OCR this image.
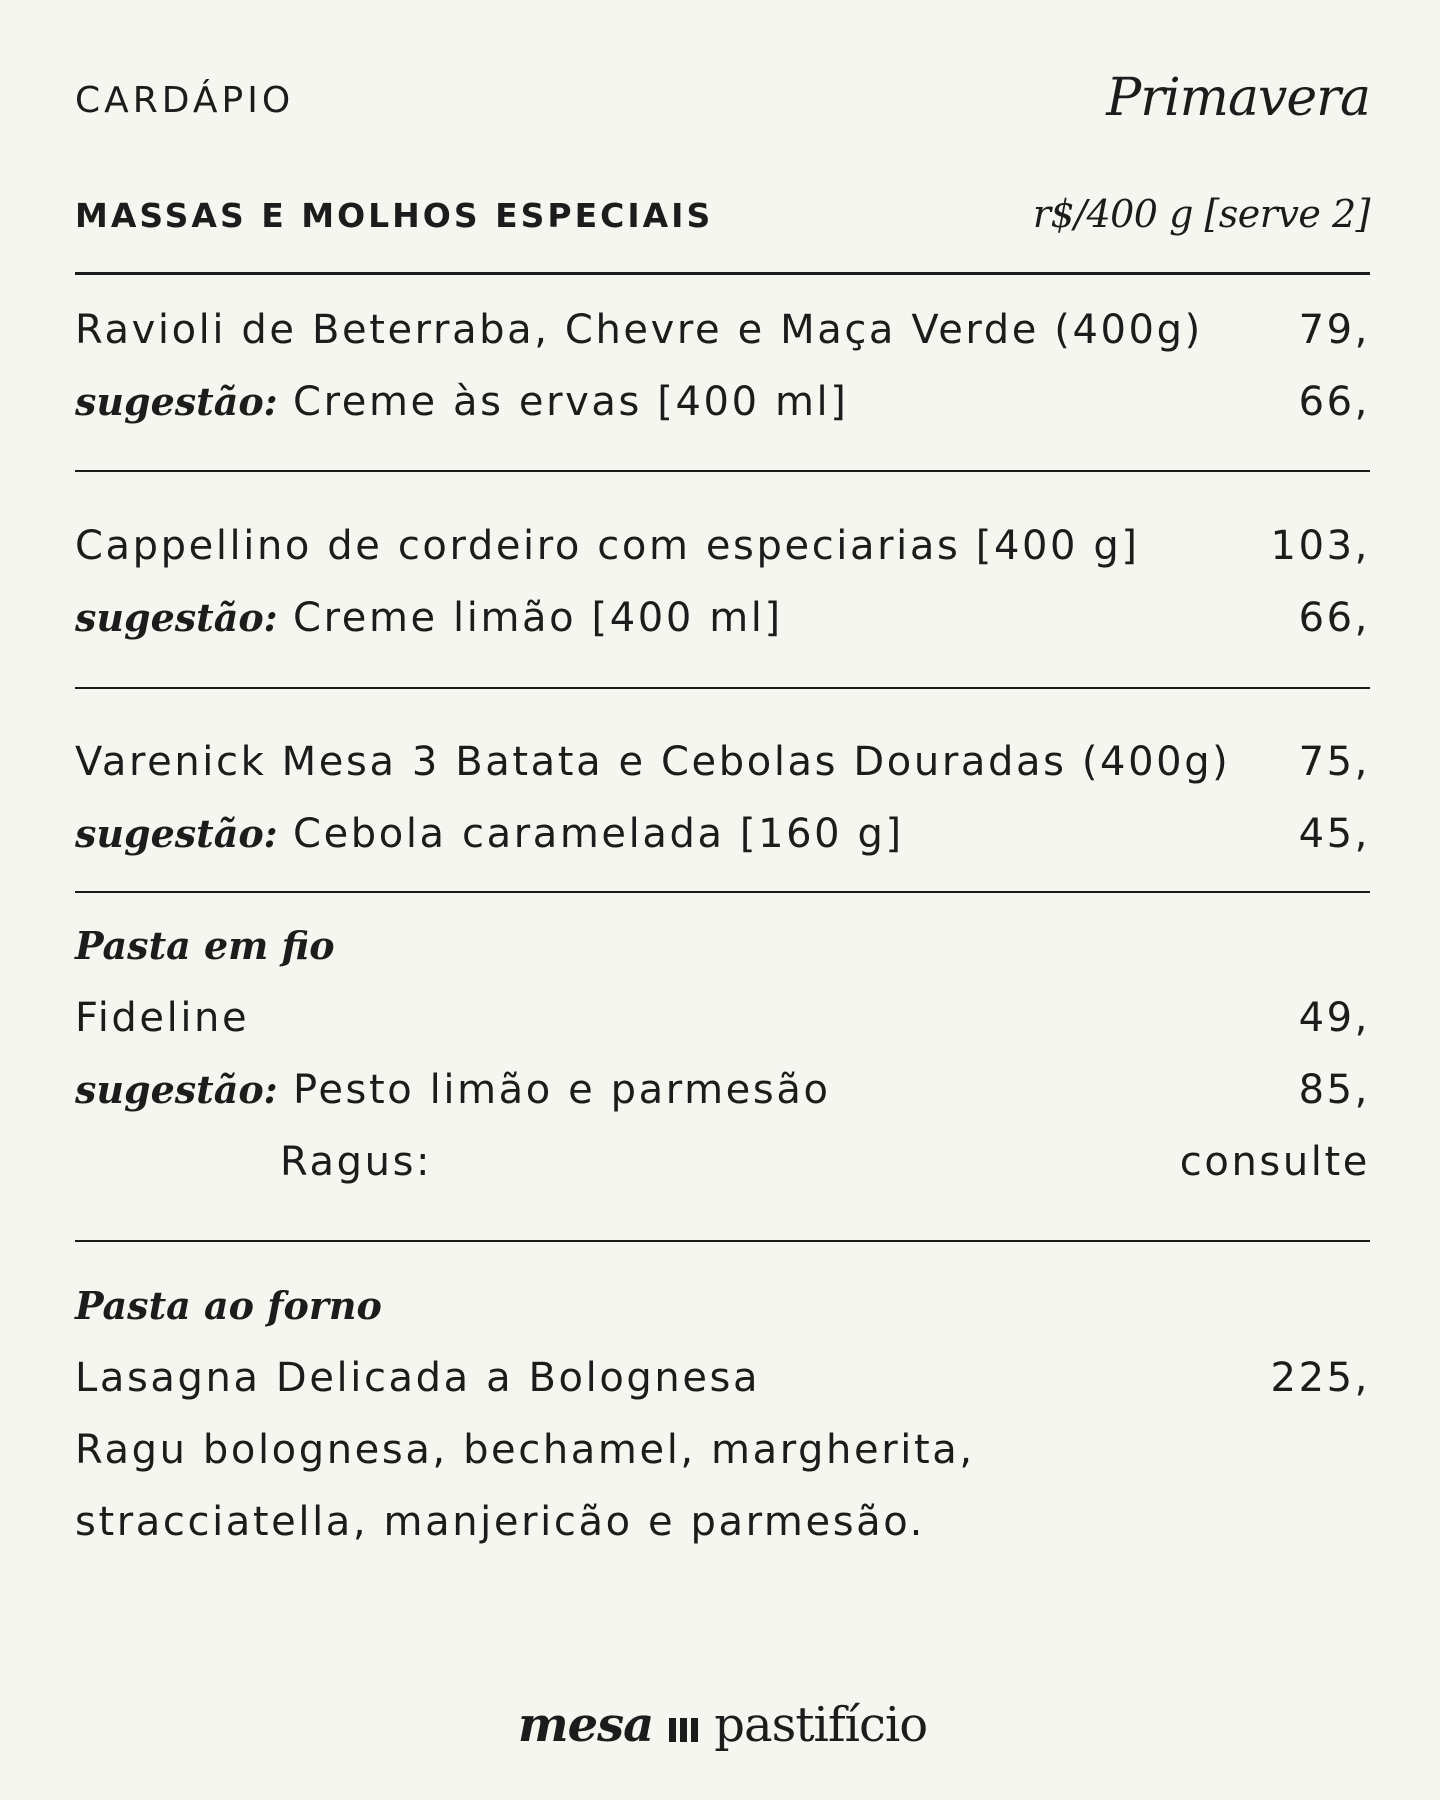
CARDÁPIO	Primavera
MASSAS E MOLHOS ESPECIAIS	r$/400 g [serve 2]
Ravioli de Beterraba, Chevre e Maça Verde (400g) 79,
sugestão: Creme às ervas [400 ml]	66,
Cappellino de cordeiro com especiarias [400 g]	103,
sugestão: Creme limão [400 ml]	66,
Varenick Mesa 3 Batata e Cebolas Douradas (400g) 75,
sugestão: Cebola caramelada [160 g]	45,
Pasta em fio
Fideline	49,
sugestão: Pesto limão e parmesão	85,
Ragus:	consulte
Pasta ao forno
Lasagna Delicada a Bolognesa	225,
Ragu bolognesa, bechamel, margherita,
stracciatella, manjericão e parmesão.
mesa pastifício
